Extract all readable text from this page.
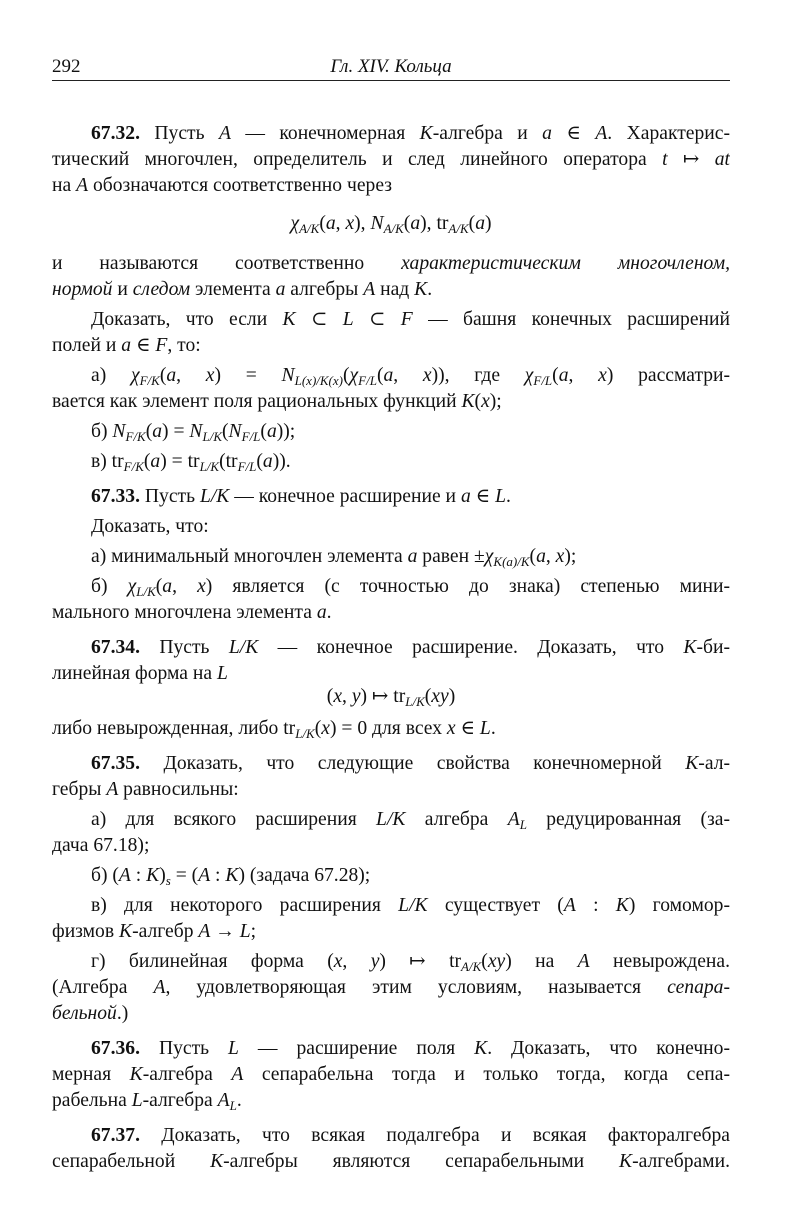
292	Гл. XIV. Кольца
67.32. Пусть A — конечномерная K-алгебра и a ∈ A. Характерис-
тический многочлен, определитель и след линейного оператора t ↦ at
на A обозначаются соответственно через
$\chi_{A/K}(a$, x), $N_{A/K}(a)$, $tr_{A/K}(a)$
и называются соответственно характеристическим многочленом,
нормой и следом элемента a алгебры A над K.
Доказать, что если K ⊂ L ⊂ F — башня конечных расширений
полей и a ∈ F, то:
а) $\chi_{F/K}(a$, $x) = N_{L(x)/K(x)}(\chi_{F/L}(a$, x)), где $\chi_{F/L}(a$, x) рассматри-
вается как элемент поля рациональных функций K(x);
б) $N_{F/K}(a) = N_{L/K}(N_{F/L}(a))$;
в) $tr_{F/K}(a) = tr_{L/K}(tr_{F/L}(a))$.
67.33. Пусть L/K — конечное расширение и a ∈ L.
Доказать, что:
а) минимальный многочлен элемента a равен $\pm\chi_{K(a)/K}(a$, x);
б) $\chi_{L/K}(a$, x) является (с точностью до знака) степенью мини-
мального многочлена элемента a.
67.34. Пусть L/K — конечное расширение. Доказать, что K-би-
линейная форма на L
(x, y) ↦ $tr_{L/K}(xy)$
либо невырожденная, либо $tr_{L/K}(x) = 0$ для всех x ∈ L.
67.35. Доказать, что следующие свойства конечномерной K-ал-
гебры A равносильны:
а) для всякого расширения L/K алгебра $A_L$ редуцированная (за-
дача 67.18);
б) (A : $K)_s = (A$ : K) (задача 67.28);
в) для некоторого расширения L/K существует (A : K) гомомор-
физмов K-алгебр A → L;
г) билинейная форма (x, y) ↦ $tr_{A/K}(xy)$ на A невырождена.
(Алгебра A, удовлетворяющая этим условиям, называется сепара-
бельной.)
67.36. Пусть L — расширение поля K. Доказать, что конечно-
мерная K-алгебра A сепарабельна тогда и только тогда, когда сепа-
рабельна L-алгебра $A_L$.
67.37. Доказать, что всякая подалгебра и всякая факторалгебра
сепарабельной K-алгебры являются сепарабельными K-алгебрами.
